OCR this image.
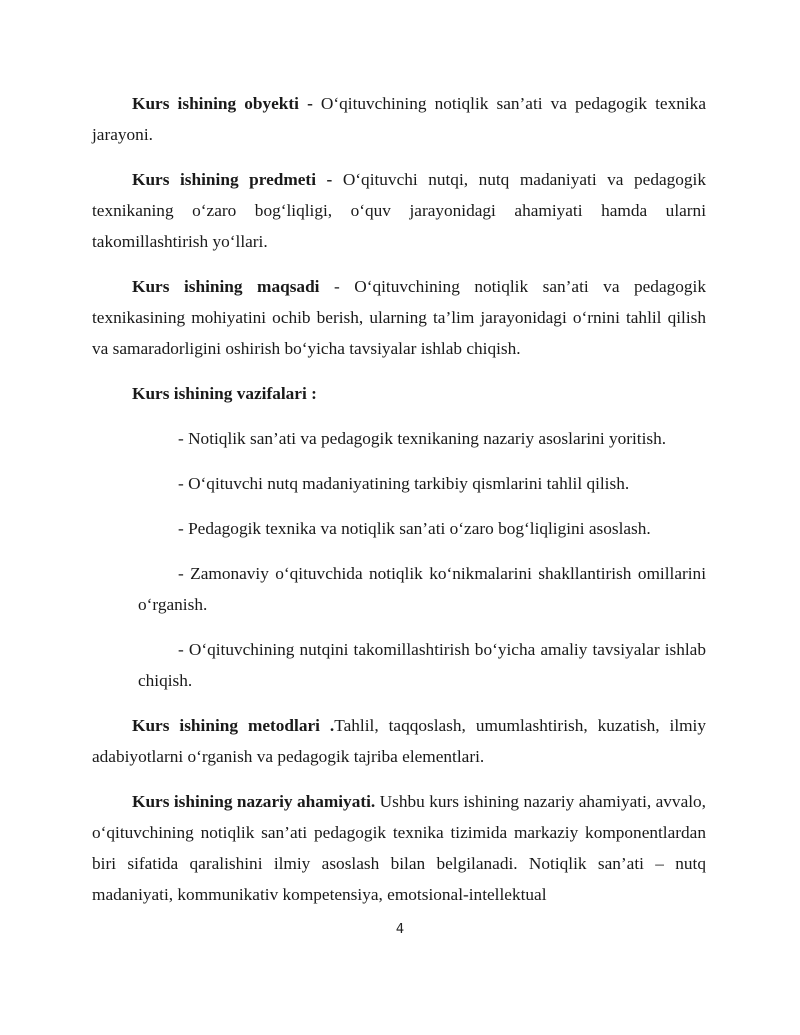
Kurs ishining obyekti - O‘qituvchining notiqlik san’ati va pedagogik texnika jarayoni.

Kurs ishining predmeti - O‘qituvchi nutqi, nutq madaniyati va pedagogik texnikaning o‘zaro bog‘liqligi, o‘quv jarayonidagi ahamiyati hamda ularni takomillashtirish yo‘llari.

Kurs ishining maqsadi - O‘qituvchining notiqlik san’ati va pedagogik texnikasining mohiyatini ochib berish, ularning ta’lim jarayonidagi o‘rnini tahlil qilish va samaradorligini oshirish bo‘yicha tavsiyalar ishlab chiqish.

Kurs ishining vazifalari :

- Notiqlik san’ati va pedagogik texnikaning nazariy asoslarini yoritish.

- O‘qituvchi nutq madaniyatining tarkibiy qismlarini tahlil qilish.

- Pedagogik texnika va notiqlik san’ati o‘zaro bog‘liqligini asoslash.

- Zamonaviy o‘qituvchida notiqlik ko‘nikmalarini shakllantirish omillarini o‘rganish.

- O‘qituvchining nutqini takomillashtirish bo‘yicha amaliy tavsiyalar ishlab chiqish.

Kurs ishining metodlari .Tahlil, taqqoslash, umumlashtirish, kuzatish, ilmiy adabiyotlarni o‘rganish va pedagogik tajriba elementlari.

Kurs ishining nazariy ahamiyati. Ushbu kurs ishining nazariy ahamiyati, avvalo, o‘qituvchining notiqlik san’ati pedagogik texnika tizimida markaziy komponentlardan biri sifatida qaralishini ilmiy asoslash bilan belgilanadi. Notiqlik san’ati – nutq madaniyati, kommunikativ kompetensiya, emotsional-intellektual

4
